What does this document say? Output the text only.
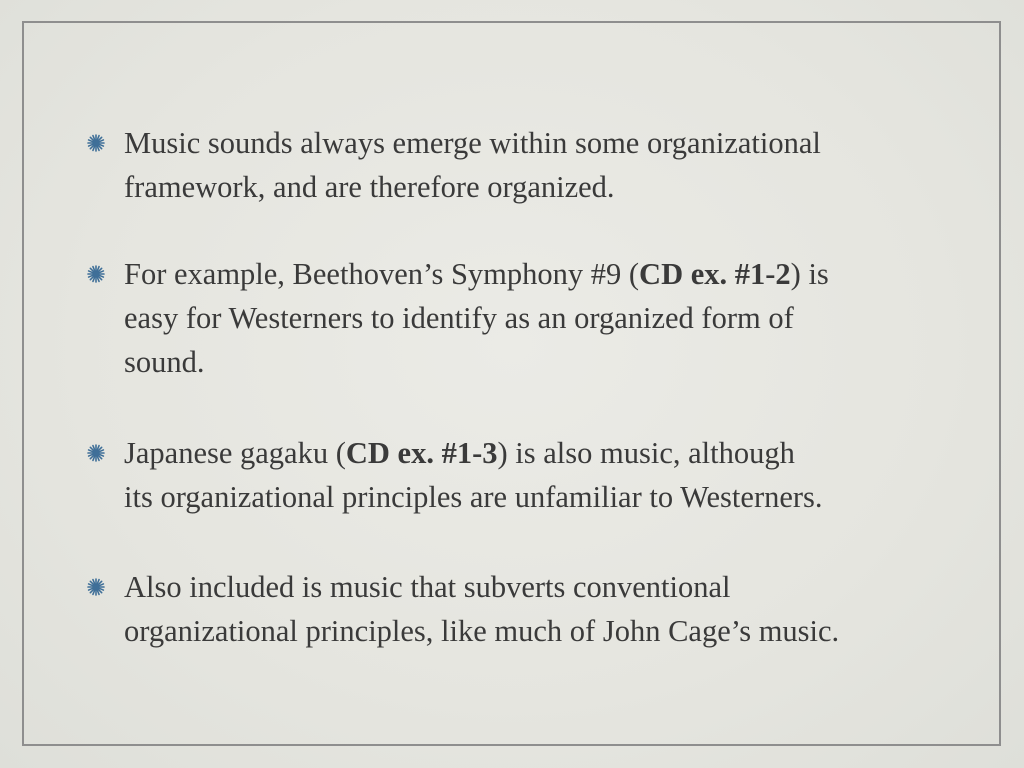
Music sounds always emerge within some organizational
framework, and are therefore organized.
For example, Beethoven’s Symphony #9 (CD ex. #1-2) is
easy for Westerners to identify as an organized form of
sound.
Japanese gagaku (CD ex. #1-3) is also music, although
its organizational principles are unfamiliar to Westerners.
Also included is music that subverts conventional
organizational principles, like much of John Cage’s music.
